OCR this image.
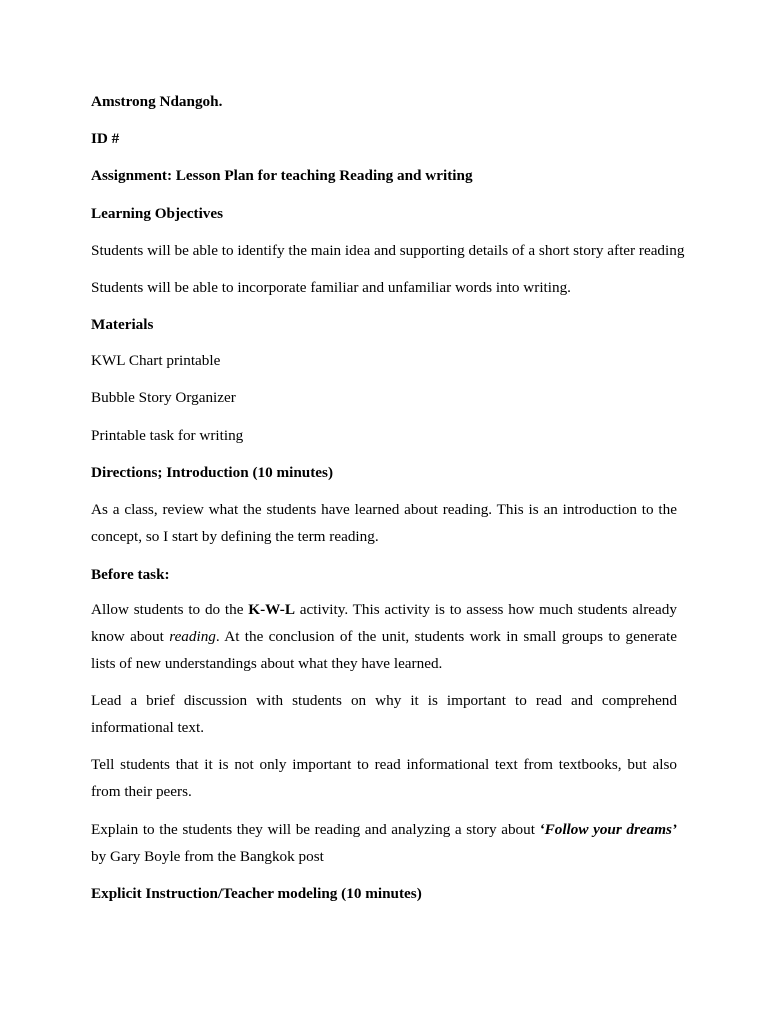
Amstrong Ndangoh.

ID #

Assignment: Lesson Plan for teaching Reading and writing

Learning Objectives

Students will be able to identify the main idea and supporting details of a short story after reading

Students will be able to incorporate familiar and unfamiliar words into writing.

Materials

KWL Chart printable

Bubble Story Organizer

Printable task for writing

Directions; Introduction (10 minutes)

As a class, review what the students have learned about reading. This is an introduction to the concept, so I start by defining the term reading.

Before task:

Allow students to do the K-W-L activity. This activity is to assess how much students already know about reading. At the conclusion of the unit, students work in small groups to generate lists of new understandings about what they have learned.

Lead a brief discussion with students on why it is important to read and comprehend informational text.

Tell students that it is not only important to read informational text from textbooks, but also from their peers.

Explain to the students they will be reading and analyzing a story about ‘Follow your dreams’ by Gary Boyle from the Bangkok post

Explicit Instruction/Teacher modeling (10 minutes)
